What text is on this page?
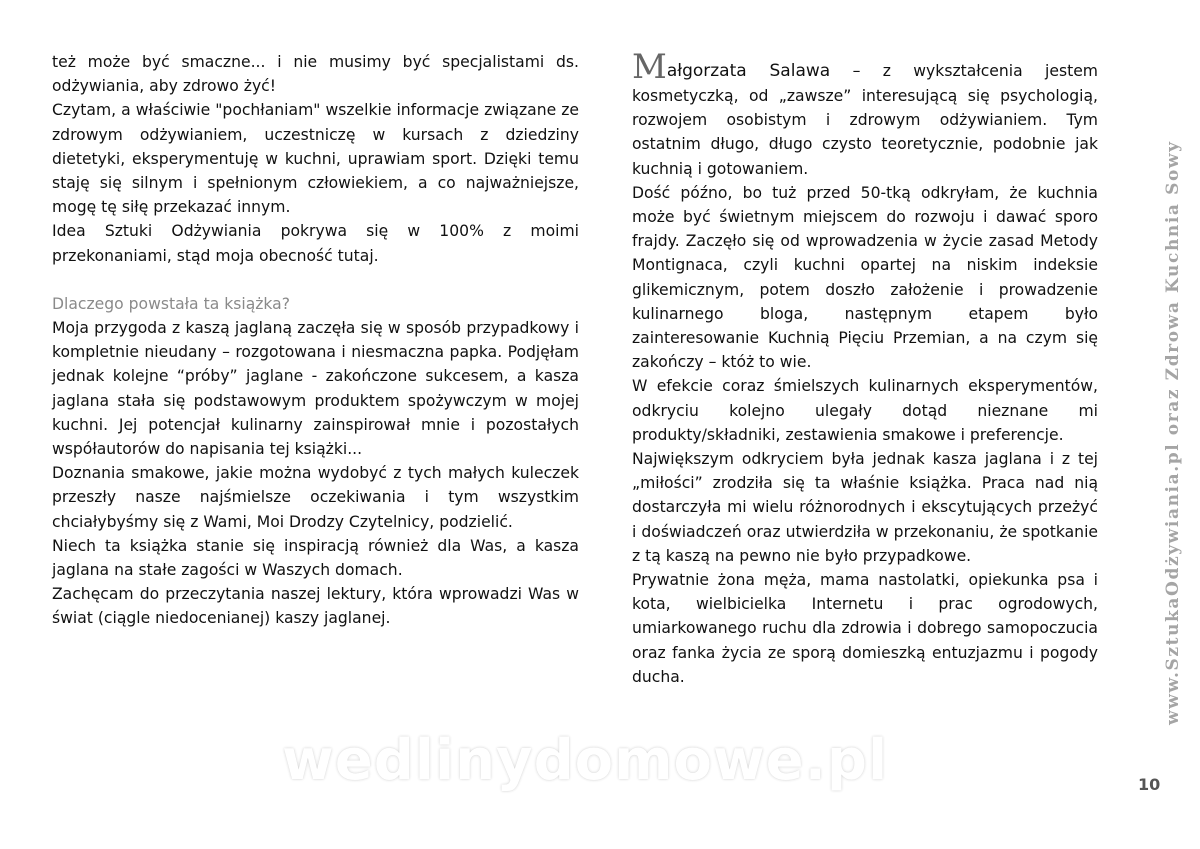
też może być smaczne... i nie musimy być specjalistami ds. odżywiania, aby zdrowo żyć!

Czytam, a właściwie "pochłaniam" wszelkie informacje związane ze zdrowym odżywianiem, uczestniczę w kursach z dziedziny dietetyki, eksperymentuję w kuchni, uprawiam sport. Dzięki temu staję się silnym i spełnionym człowiekiem, a co najważniejsze, mogę tę siłę przekazać innym.

Idea Sztuki Odżywiania pokrywa się w 100% z moimi przekonaniami, stąd moja obecność tutaj.

Dlaczego powstała ta książka?

Moja przygoda z kaszą jaglaną zaczęła się w sposób przypadkowy i kompletnie nieudany – rozgotowana i niesmaczna papka. Podjęłam jednak kolejne “próby” jaglane - zakończone sukcesem, a kasza jaglana stała się podstawowym produktem spożywczym w mojej kuchni. Jej potencjał kulinarny zainspirował mnie i pozostałych współautorów do napisania tej książki...

Doznania smakowe, jakie można wydobyć z tych małych kuleczek przeszły nasze najśmielsze oczekiwania i tym wszystkim chciałybyśmy się z Wami, Moi Drodzy Czytelnicy, podzielić.

Niech ta książka stanie się inspiracją również dla Was, a kasza jaglana na stałe zagości w Waszych domach.

Zachęcam do przeczytania naszej lektury, która wprowadzi Was w świat (ciągle niedocenianej) kaszy jaglanej.

Małgorzata Salawa – z wykształcenia jestem kosmetyczką, od „zawsze” interesującą się psychologią, rozwojem osobistym i zdrowym odżywianiem. Tym ostatnim długo, długo czysto teoretycznie, podobnie jak kuchnią i gotowaniem.

Dość późno, bo tuż przed 50-tką odkryłam, że kuchnia może być świetnym miejscem do rozwoju i dawać sporo frajdy. Zaczęło się od wprowadzenia w życie zasad Metody Montignaca, czyli kuchni opartej na niskim indeksie glikemicznym, potem doszło założenie i prowadzenie kulinarnego bloga, następnym etapem było zainteresowanie Kuchnią Pięciu Przemian, a na czym się zakończy – któż to wie.

W efekcie coraz śmielszych kulinarnych eksperymentów, odkryciu kolejno ulegały dotąd nieznane mi produkty/składniki, zestawienia smakowe i preferencje.

Największym odkryciem była jednak kasza jaglana i z tej „miłości” zrodziła się ta właśnie książka. Praca nad nią dostarczyła mi wielu różnorodnych i ekscytujących przeżyć i doświadczeń oraz utwierdziła w przekonaniu, że spotkanie z tą kaszą na pewno nie było przypadkowe.

Prywatnie żona męża, mama nastolatki, opiekunka psa i kota, wielbicielka Internetu i prac ogrodowych, umiarkowanego ruchu dla zdrowia i dobrego samopoczucia oraz fanka życia ze sporą domieszką entuzjazmu i pogody ducha.	www.SztukaOdżywiania.pl oraz Zdrowa Kuchnia Sowy
10
wedlinydomowe.pl
